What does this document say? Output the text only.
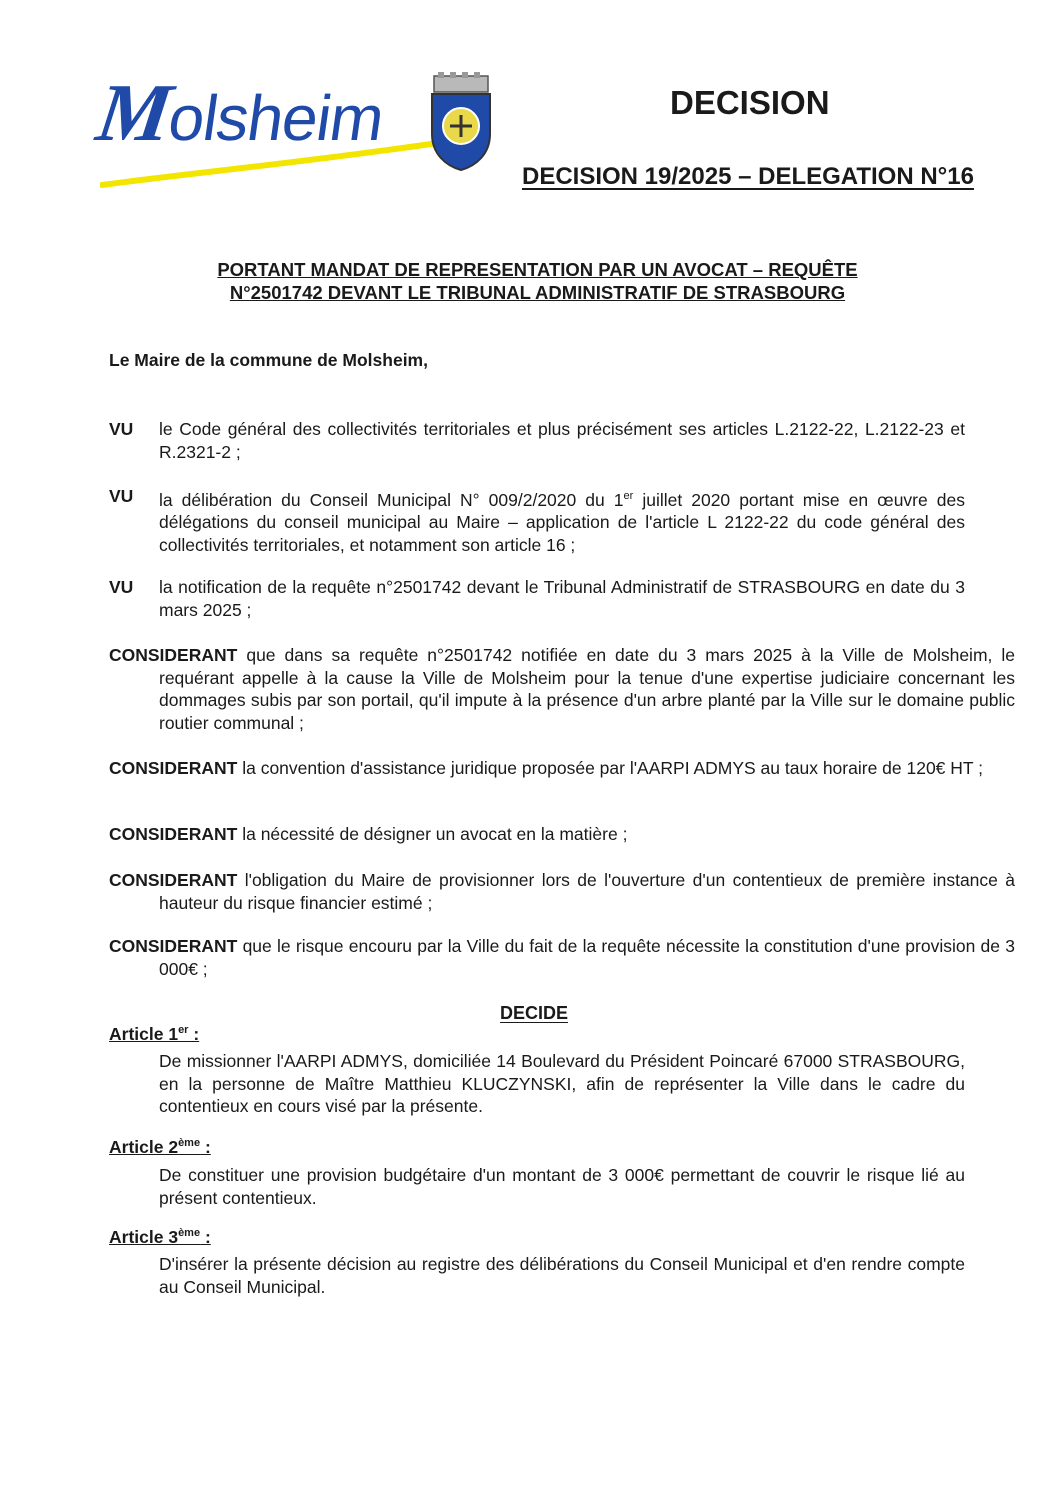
Molsheim	DECISION
DECISION 19/2025 – DELEGATION N°16
PORTANT MANDAT DE REPRESENTATION PAR UN AVOCAT – REQUÊTE
N°2501742 DEVANT LE TRIBUNAL ADMINISTRATIF DE STRASBOURG
Le Maire de la commune de Molsheim,
VU le Code général des collectivités territoriales et plus précisément ses articles L.2122-22, L.2122-23 et R.2321-2 ;
VU la délibération du Conseil Municipal N° 009/2/2020 du 1er juillet 2020 portant mise en œuvre des délégations du conseil municipal au Maire – application de l'article L 2122-22 du code général des collectivités territoriales, et notamment son article 16 ;
VU la notification de la requête n°2501742 devant le Tribunal Administratif de STRASBOURG en date du 3 mars 2025 ;
CONSIDERANT que dans sa requête n°2501742 notifiée en date du 3 mars 2025 à la Ville de Molsheim, le requérant appelle à la cause la Ville de Molsheim pour la tenue d'une expertise judiciaire concernant les dommages subis par son portail, qu'il impute à la présence d'un arbre planté par la Ville sur le domaine public routier communal ;
CONSIDERANT la convention d'assistance juridique proposée par l'AARPI ADMYS au taux horaire de 120€ HT ;
CONSIDERANT la nécessité de désigner un avocat en la matière ;
CONSIDERANT l'obligation du Maire de provisionner lors de l'ouverture d'un contentieux de première instance à hauteur du risque financier estimé ;
CONSIDERANT que le risque encouru par la Ville du fait de la requête nécessite la constitution d'une provision de 3 000€ ;
DECIDE
Article 1er :
De missionner l'AARPI ADMYS, domiciliée 14 Boulevard du Président Poincaré 67000 STRASBOURG, en la personne de Maître Matthieu KLUCZYNSKI, afin de représenter la Ville dans le cadre du contentieux en cours visé par la présente.
Article 2ème :
De constituer une provision budgétaire d'un montant de 3 000€ permettant de couvrir le risque lié au présent contentieux.
Article 3ème :
D'insérer la présente décision au registre des délibérations du Conseil Municipal et d'en rendre compte au Conseil Municipal.
